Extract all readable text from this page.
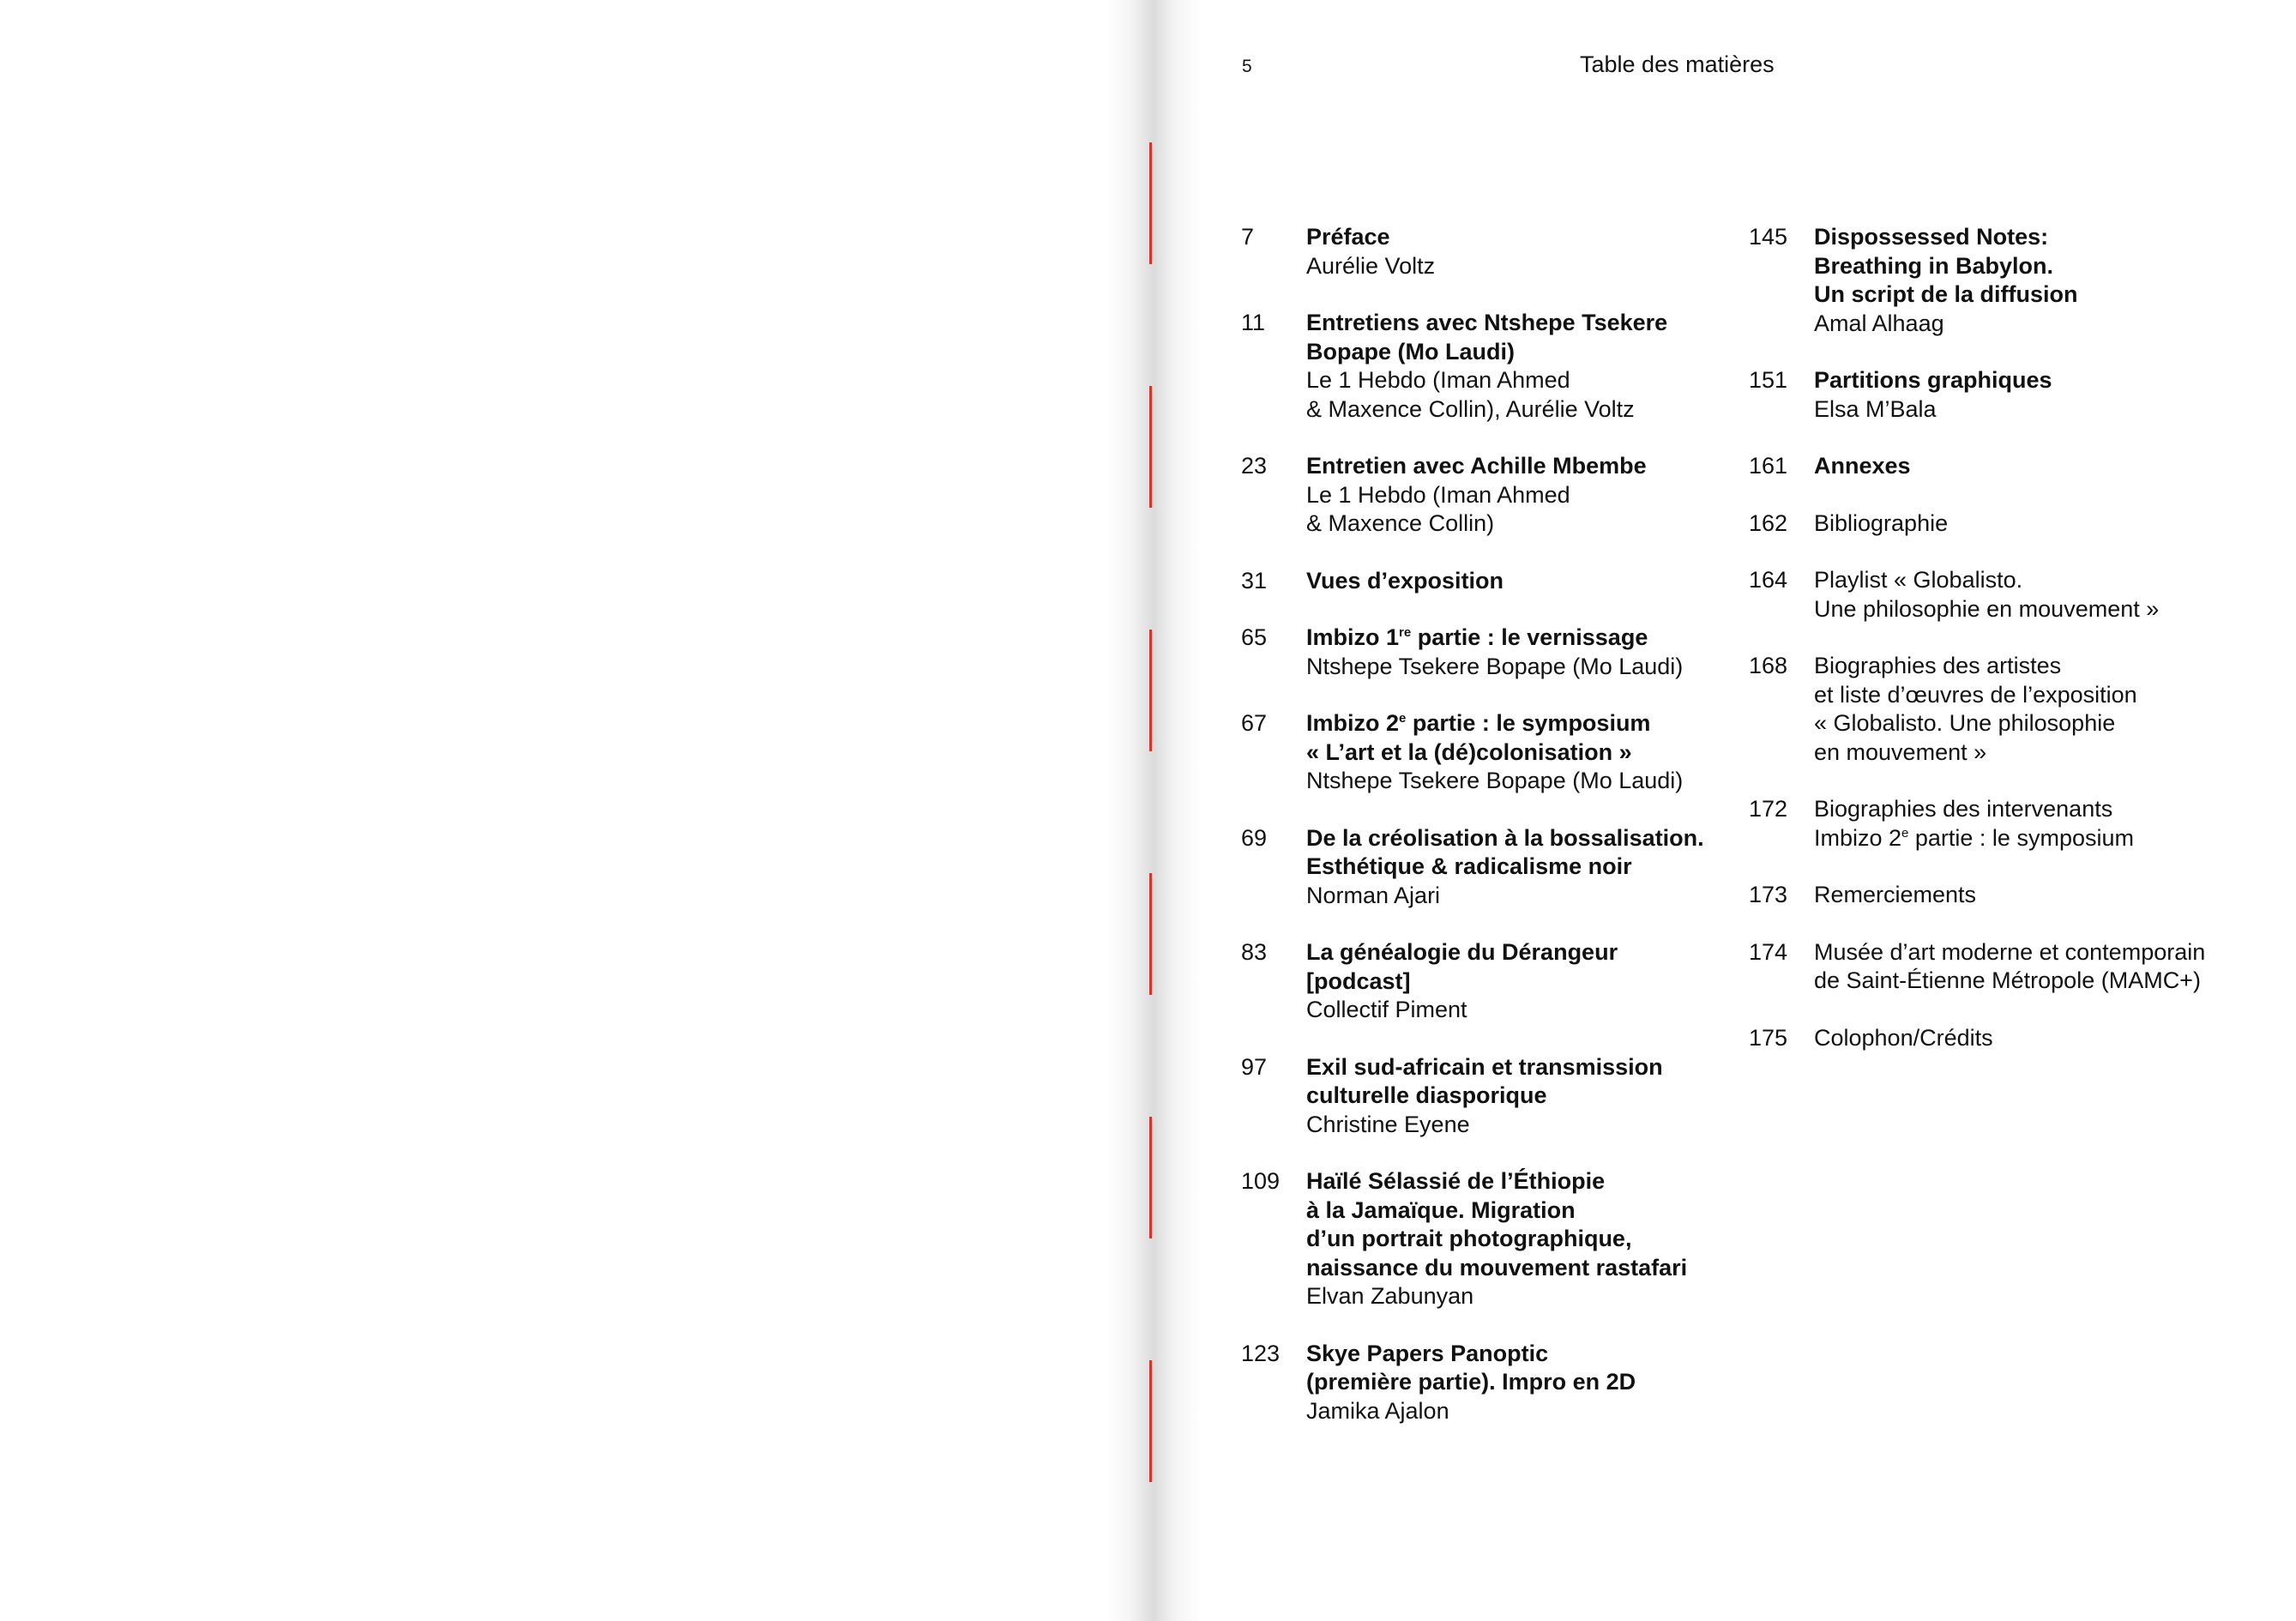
5	Table des matières
7	Préface
Aurélie Voltz
11	Entretiens avec Ntshepe Tsekere
Bopape (Mo Laudi)
Le 1 Hebdo (Iman Ahmed
& Maxence Collin), Aurélie Voltz
23	Entretien avec Achille Mbembe
Le 1 Hebdo (Iman Ahmed
& Maxence Collin)
31	Vues d’exposition
65	Imbizo 1re partie : le vernissage
Ntshepe Tsekere Bopape (Mo Laudi)
67	Imbizo 2e partie : le symposium
« L’art et la (dé)colonisation »
Ntshepe Tsekere Bopape (Mo Laudi)
69	De la créolisation à la bossalisation.
Esthétique & radicalisme noir
Norman Ajari
83	La généalogie du Dérangeur
[podcast]
Collectif Piment
97	Exil sud-africain et transmission
culturelle diasporique
Christine Eyene
109	Haïlé Sélassié de l’Éthiopie
à la Jamaïque. Migration
d’un portrait photographique,
naissance du mouvement rastafari
Elvan Zabunyan
123	Skye Papers Panoptic
(première partie). Impro en 2D
Jamika Ajalon
145	Dispossessed Notes:
Breathing in Babylon.
Un script de la diffusion
Amal Alhaag
151	Partitions graphiques
Elsa M’Bala
161	Annexes
162	Bibliographie
164	Playlist « Globalisto.
Une philosophie en mouvement »
168	Biographies des artistes
et liste d’œuvres de l’exposition
« Globalisto. Une philosophie
en mouvement »
172	Biographies des intervenants
Imbizo 2e partie : le symposium
173	Remerciements
174	Musée d’art moderne et contemporain
de Saint-Étienne Métropole (MAMC+)
175	Colophon/Crédits
